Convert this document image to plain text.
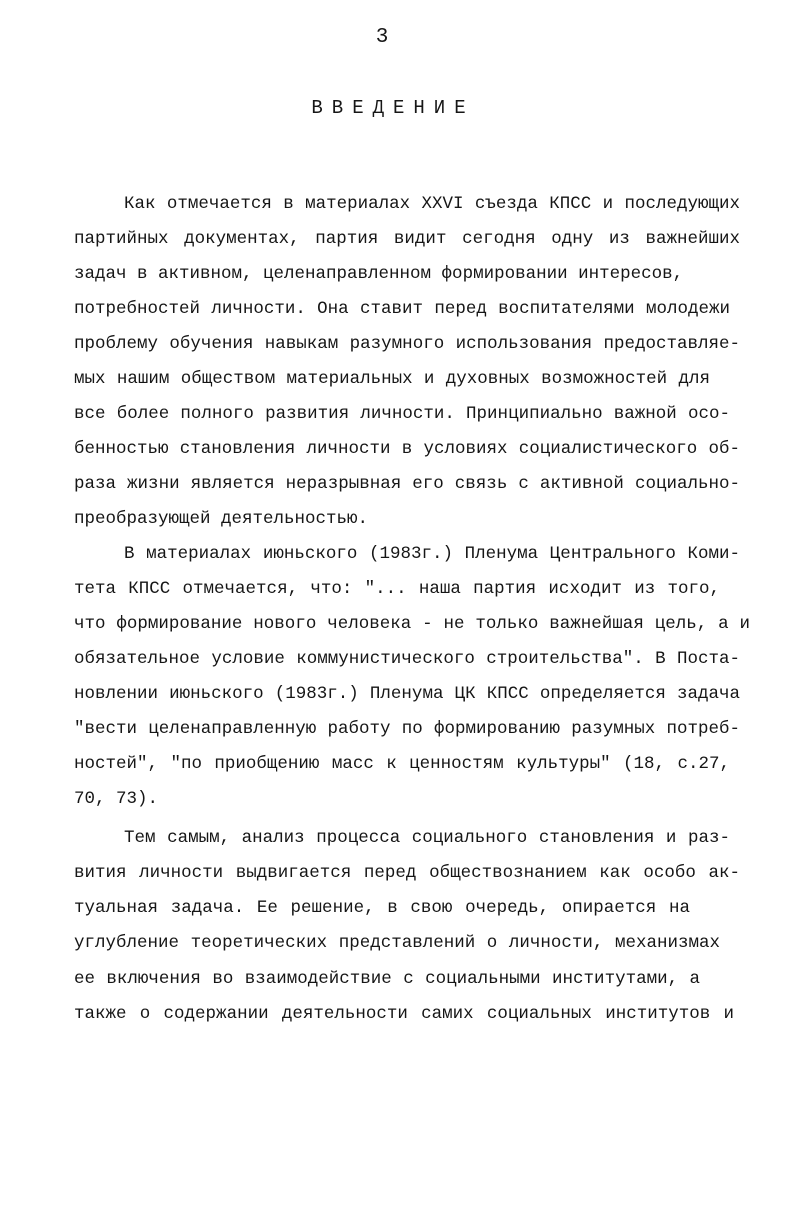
3
ВВЕДЕНИЕ
Как отмечается в материалах XXVI съезда КПСС и последующих
партийных документах, партия видит сегодня одну из важнейших
задач в активном, целенаправленном формировании интересов,
потребностей личности. Она ставит перед воспитателями молодежи
проблему обучения навыкам разумного использования предоставляе-
мых нашим обществом материальных и духовных возможностей для
все более полного развития личности. Принципиально важной осо-
бенностью становления личности в условиях социалистического об-
раза жизни является неразрывная его связь с активной социально-
преобразующей деятельностью.
В материалах июньского (1983г.) Пленума Центрального Коми-
тета КПСС отмечается, что: "... наша партия исходит из того,
что формирование нового человека - не только важнейшая цель, а и
обязательное условие коммунистического строительства". В Поста-
новлении июньского (1983г.) Пленума ЦК КПСС определяется задача
"вести целенаправленную работу по формированию разумных потреб-
ностей", "по приобщению масс к ценностям культуры" (18, с.27,
70, 73).
Тем самым, анализ процесса социального становления и раз-
вития личности выдвигается перед обществознанием как особо ак-
туальная задача. Ее решение, в свою очередь, опирается на
углубление теоретических представлений о личности, механизмах
ее включения во взаимодействие с социальными институтами, а
также о содержании деятельности самих социальных институтов и
